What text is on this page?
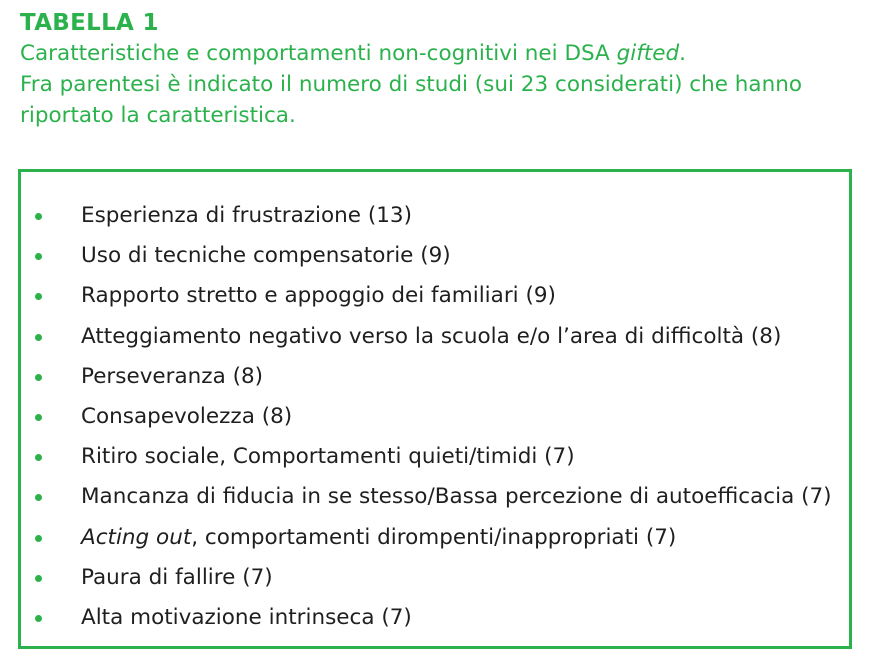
TABELLA 1
Caratteristiche e comportamenti non-cognitivi nei DSA gifted.
Fra parentesi è indicato il numero di studi (sui 23 considerati) che hanno
riportato la caratteristica.
Esperienza di frustrazione (13)
Uso di tecniche compensatorie (9)
Rapporto stretto e appoggio dei familiari (9)
Atteggiamento negativo verso la scuola e/o l’area di difficoltà (8)
Perseveranza (8)
Consapevolezza (8)
Ritiro sociale, Comportamenti quieti/timidi (7)
Mancanza di fiducia in se stesso/Bassa percezione di autoefficacia (7)
Acting out, comportamenti dirompenti/inappropriati (7)
Paura di fallire (7)
Alta motivazione intrinseca (7)
